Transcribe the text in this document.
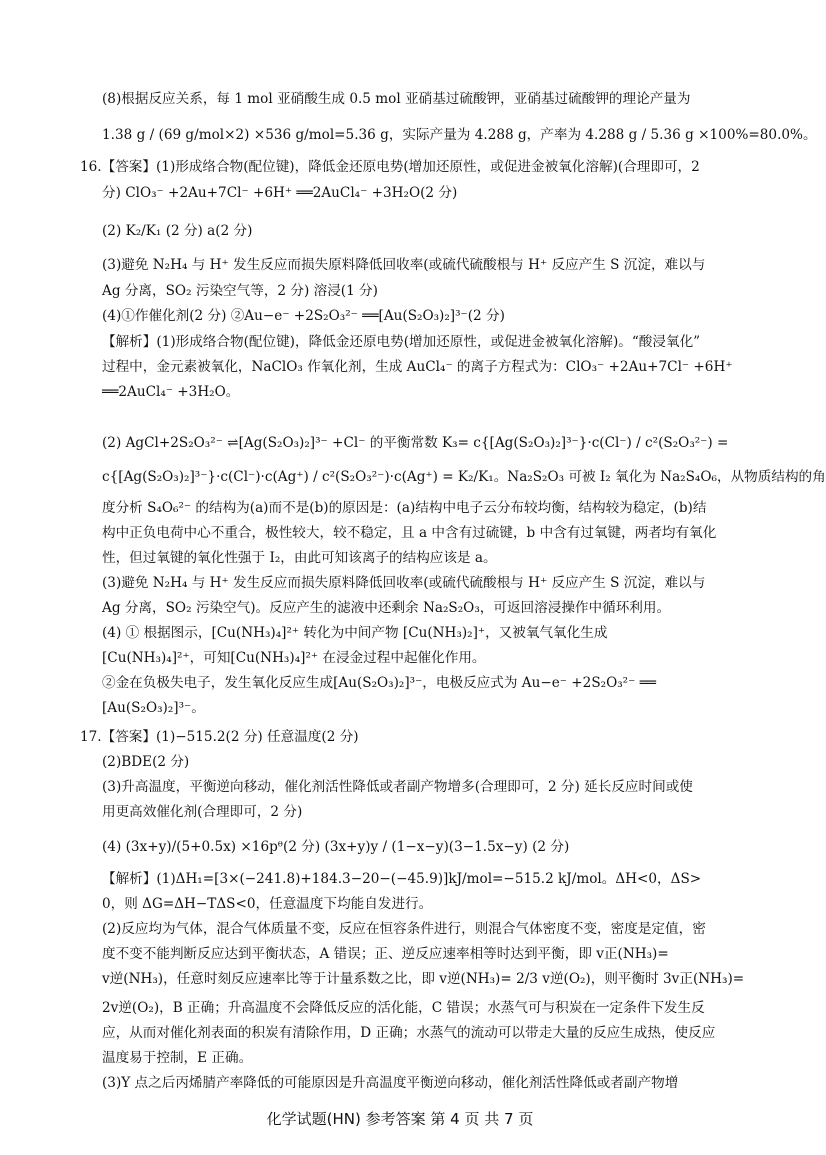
(8)根据反应关系，每 1 mol 亚硝酸生成 0.5 mol 亚硝基过硫酸钾，亚硝基过硫酸钾的理论产量为
1.38 g / (69 g/mol×2) ×536 g/mol=5.36 g，实际产量为 4.288 g，产率为 4.288 g / 5.36 g ×100%=80.0%。
16.【答案】(1)形成络合物(配位键)，降低金还原电势(增加还原性，或促进金被氧化溶解)(合理即可，2
分) ClO₃⁻ +2Au+7Cl⁻ +6H⁺ ══2AuCl₄⁻ +3H₂O(2 分)
(2) K₂/K₁ (2 分) a(2 分)
(3)避免 N₂H₄ 与 H⁺ 发生反应而损失原料降低回收率(或硫代硫酸根与 H⁺ 反应产生 S 沉淀，难以与
Ag 分离，SO₂ 污染空气等，2 分) 溶浸(1 分)
(4)①作催化剂(2 分) ②Au−e⁻ +2S₂O₃²⁻ ══[Au(S₂O₃)₂]³⁻(2 分)
【解析】(1)形成络合物(配位键)，降低金还原电势(增加还原性，或促进金被氧化溶解)。“酸浸氧化”
过程中，金元素被氧化，NaClO₃ 作氧化剂，生成 AuCl₄⁻ 的离子方程式为：ClO₃⁻ +2Au+7Cl⁻ +6H⁺
══2AuCl₄⁻ +3H₂O。
(2) AgCl+2S₂O₃²⁻ ⇌[Ag(S₂O₃)₂]³⁻ +Cl⁻ 的平衡常数 K₃= c{[Ag(S₂O₃)₂]³⁻}·c(Cl⁻) / c²(S₂O₃²⁻) =
c{[Ag(S₂O₃)₂]³⁻}·c(Cl⁻)·c(Ag⁺) / c²(S₂O₃²⁻)·c(Ag⁺) = K₂/K₁。Na₂S₂O₃ 可被 I₂ 氧化为 Na₂S₄O₆，从物质结构的角
度分析 S₄O₆²⁻ 的结构为(a)而不是(b)的原因是：(a)结构中电子云分布较均衡，结构较为稳定，(b)结
构中正负电荷中心不重合，极性较大，较不稳定，且 a 中含有过硫键，b 中含有过氧键，两者均有氧化
性，但过氧键的氧化性强于 I₂，由此可知该离子的结构应该是 a。
(3)避免 N₂H₄ 与 H⁺ 发生反应而损失原料降低回收率(或硫代硫酸根与 H⁺ 反应产生 S 沉淀，难以与
Ag 分离，SO₂ 污染空气)。反应产生的滤液中还剩余 Na₂S₂O₃，可返回溶浸操作中循环利用。
(4) ① 根据图示，[Cu(NH₃)₄]²⁺ 转化为中间产物 [Cu(NH₃)₂]⁺，又被氧气氧化生成
[Cu(NH₃)₄]²⁺，可知[Cu(NH₃)₄]²⁺ 在浸金过程中起催化作用。
②金在负极失电子，发生氧化反应生成[Au(S₂O₃)₂]³⁻，电极反应式为 Au−e⁻ +2S₂O₃²⁻ ══
[Au(S₂O₃)₂]³⁻。
17.【答案】(1)−515.2(2 分) 任意温度(2 分)
(2)BDE(2 分)
(3)升高温度，平衡逆向移动，催化剂活性降低或者副产物增多(合理即可，2 分) 延长反应时间或使
用更高效催化剂(合理即可，2 分)
(4) (3x+y)/(5+0.5x) ×16pᶿ(2 分) (3x+y)y / (1−x−y)(3−1.5x−y) (2 分)
【解析】(1)ΔH₁=[3×(−241.8)+184.3−20−(−45.9)]kJ/mol=−515.2 kJ/mol。ΔH<0，ΔS>
0，则 ΔG=ΔH−TΔS<0，任意温度下均能自发进行。
(2)反应均为气体，混合气体质量不变，反应在恒容条件进行，则混合气体密度不变，密度是定值，密
度不变不能判断反应达到平衡状态，A 错误；正、逆反应速率相等时达到平衡，即 v正(NH₃)=
v逆(NH₃)，任意时刻反应速率比等于计量系数之比，即 v逆(NH₃)= 2/3 v逆(O₂)，则平衡时 3v正(NH₃)=
2v逆(O₂)，B 正确；升高温度不会降低反应的活化能，C 错误；水蒸气可与积炭在一定条件下发生反
应，从而对催化剂表面的积炭有清除作用，D 正确；水蒸气的流动可以带走大量的反应生成热，使反应
温度易于控制，E 正确。
(3)Y 点之后丙烯腈产率降低的可能原因是升高温度平衡逆向移动，催化剂活性降低或者副产物增
化学试题(HN) 参考答案 第 4 页 共 7 页
